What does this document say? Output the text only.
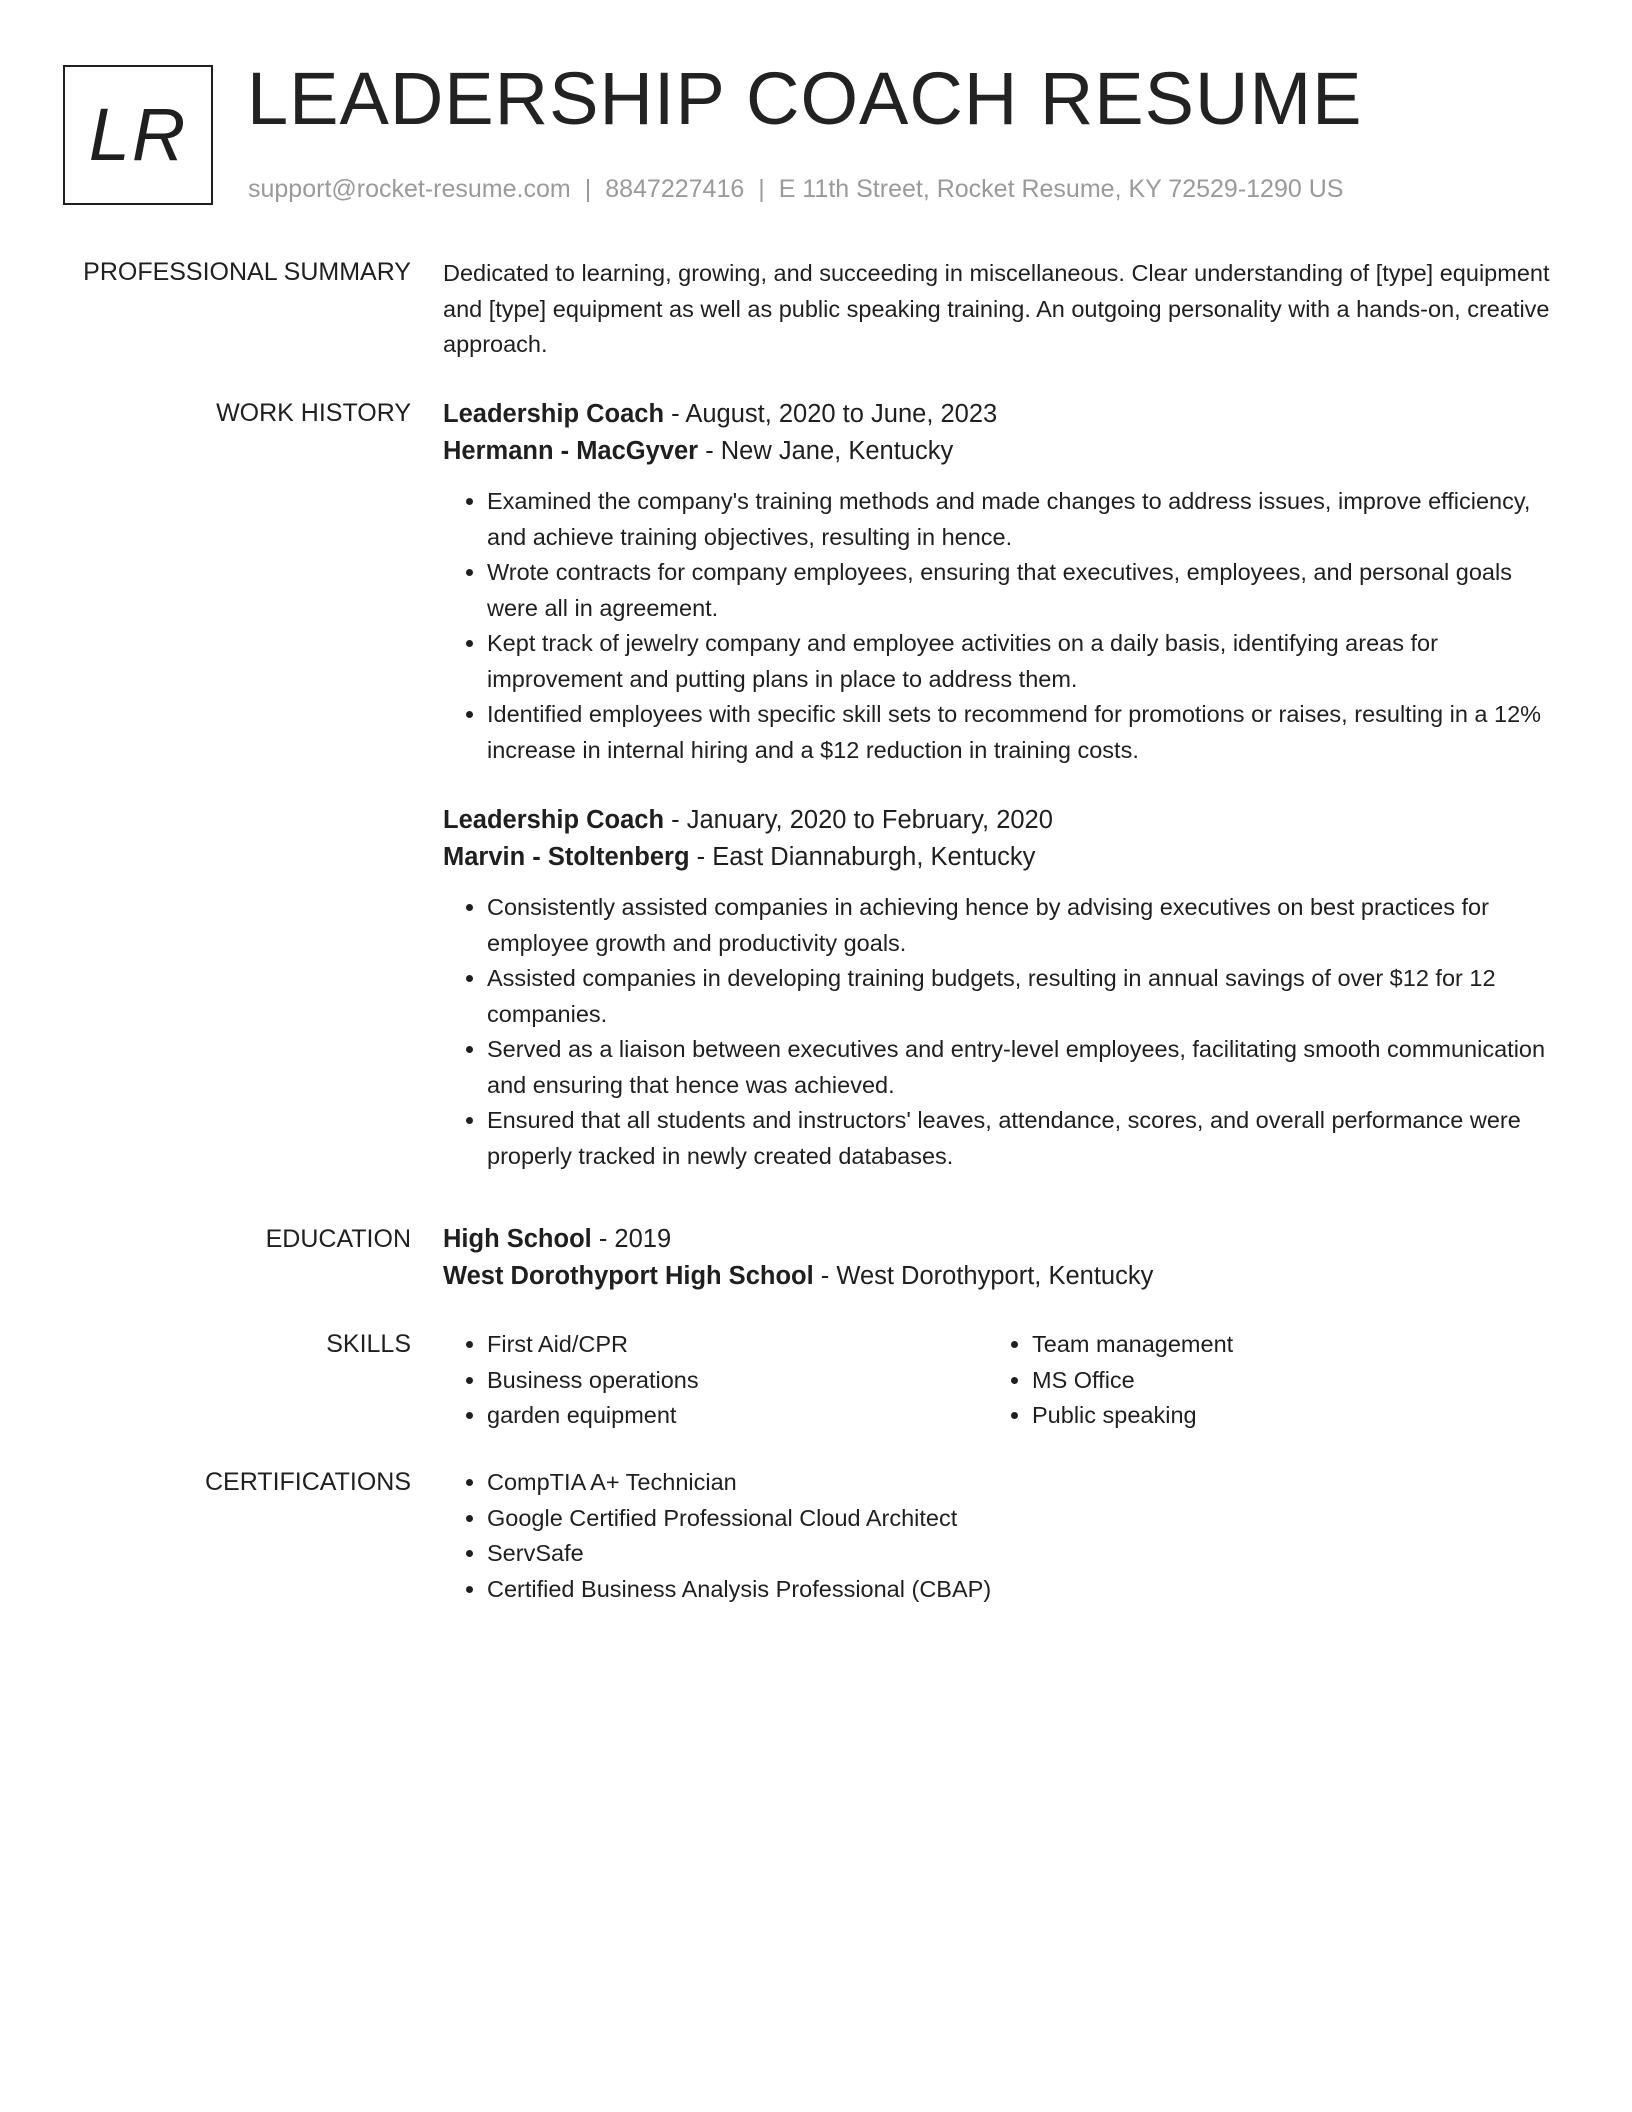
LR LEADERSHIP COACH RESUME
support@rocket-resume.com | 8847227416 | E 11th Street, Rocket Resume, KY 72529-1290 US
PROFESSIONAL SUMMARY Dedicated to learning, growing, and succeeding in miscellaneous. Clear understanding of [type] equipment and [type] equipment as well as public speaking training. An outgoing personality with a hands-on, creative approach.

WORK HISTORY Leadership Coach - August, 2020 to June, 2023
Hermann - MacGyver - New Jane, Kentucky
• Examined the company's training methods and made changes to address issues, improve efficiency, and achieve training objectives, resulting in hence.
• Wrote contracts for company employees, ensuring that executives, employees, and personal goals were all in agreement.
• Kept track of jewelry company and employee activities on a daily basis, identifying areas for improvement and putting plans in place to address them.
• Identified employees with specific skill sets to recommend for promotions or raises, resulting in a 12% increase in internal hiring and a $12 reduction in training costs.
Leadership Coach - January, 2020 to February, 2020
Marvin - Stoltenberg - East Diannaburgh, Kentucky
• Consistently assisted companies in achieving hence by advising executives on best practices for employee growth and productivity goals.
• Assisted companies in developing training budgets, resulting in annual savings of over $12 for 12 companies.
• Served as a liaison between executives and entry-level employees, facilitating smooth communication and ensuring that hence was achieved.
• Ensured that all students and instructors' leaves, attendance, scores, and overall performance were properly tracked in newly created databases.
EDUCATION High School - 2019
West Dorothyport High School - West Dorothyport, Kentucky
SKILLS	• First Aid/CPR
• Business operations
• garden equipment
• Team management
• MS Office
• Public speaking
CERTIFICATIONS	• CompTIA A+ Technician
• Google Certified Professional Cloud Architect
• ServSafe
• Certified Business Analysis Professional (CBAP)
